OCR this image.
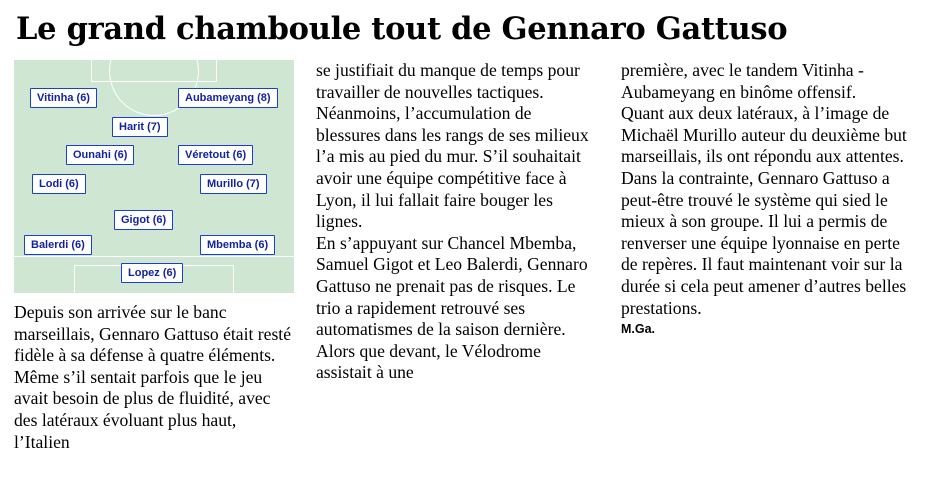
Le grand chamboule tout de Gennaro Gattuso
Vitinha (6)	Aubameyang (8)
Harit (7)
Ounahi (6)	Véretout (6)
Lodi (6)	Murillo (7)
Gigot (6)
Balerdi (6)	Mbemba (6)
Lopez (6)
Depuis son arrivée sur le banc marseillais, Gennaro Gattuso était resté fidèle à sa défense à quatre éléments. Même s’il sentait parfois que le jeu avait besoin de plus de fluidité, avec des latéraux évoluant plus haut, l’Italien

se justifiait du manque de temps pour travailler de nouvelles tactiques. Néanmoins, l’accumulation de blessures dans les rangs de ses milieux l’a mis au pied du mur. S’il souhaitait avoir une équipe compétitive face à Lyon, il lui fallait faire bouger les lignes.

En s’appuyant sur Chancel Mbemba, Samuel Gigot et Leo Balerdi, Gennaro Gattuso ne prenait pas de risques. Le trio a rapidement retrouvé ses automatismes de la saison dernière. Alors que devant, le Vélodrome assistait à une

première, avec le tandem Vitinha - Aubameyang en binôme offensif.

Quant aux deux latéraux, à l’image de Michaël Murillo auteur du deuxième but marseillais, ils ont répondu aux attentes.

Dans la contrainte, Gennaro Gattuso a peut-être trouvé le système qui sied le mieux à son groupe. Il lui a permis de renverser une équipe lyonnaise en perte de repères. Il faut maintenant voir sur la durée si cela peut amener d’autres belles prestations.

M.Ga.
